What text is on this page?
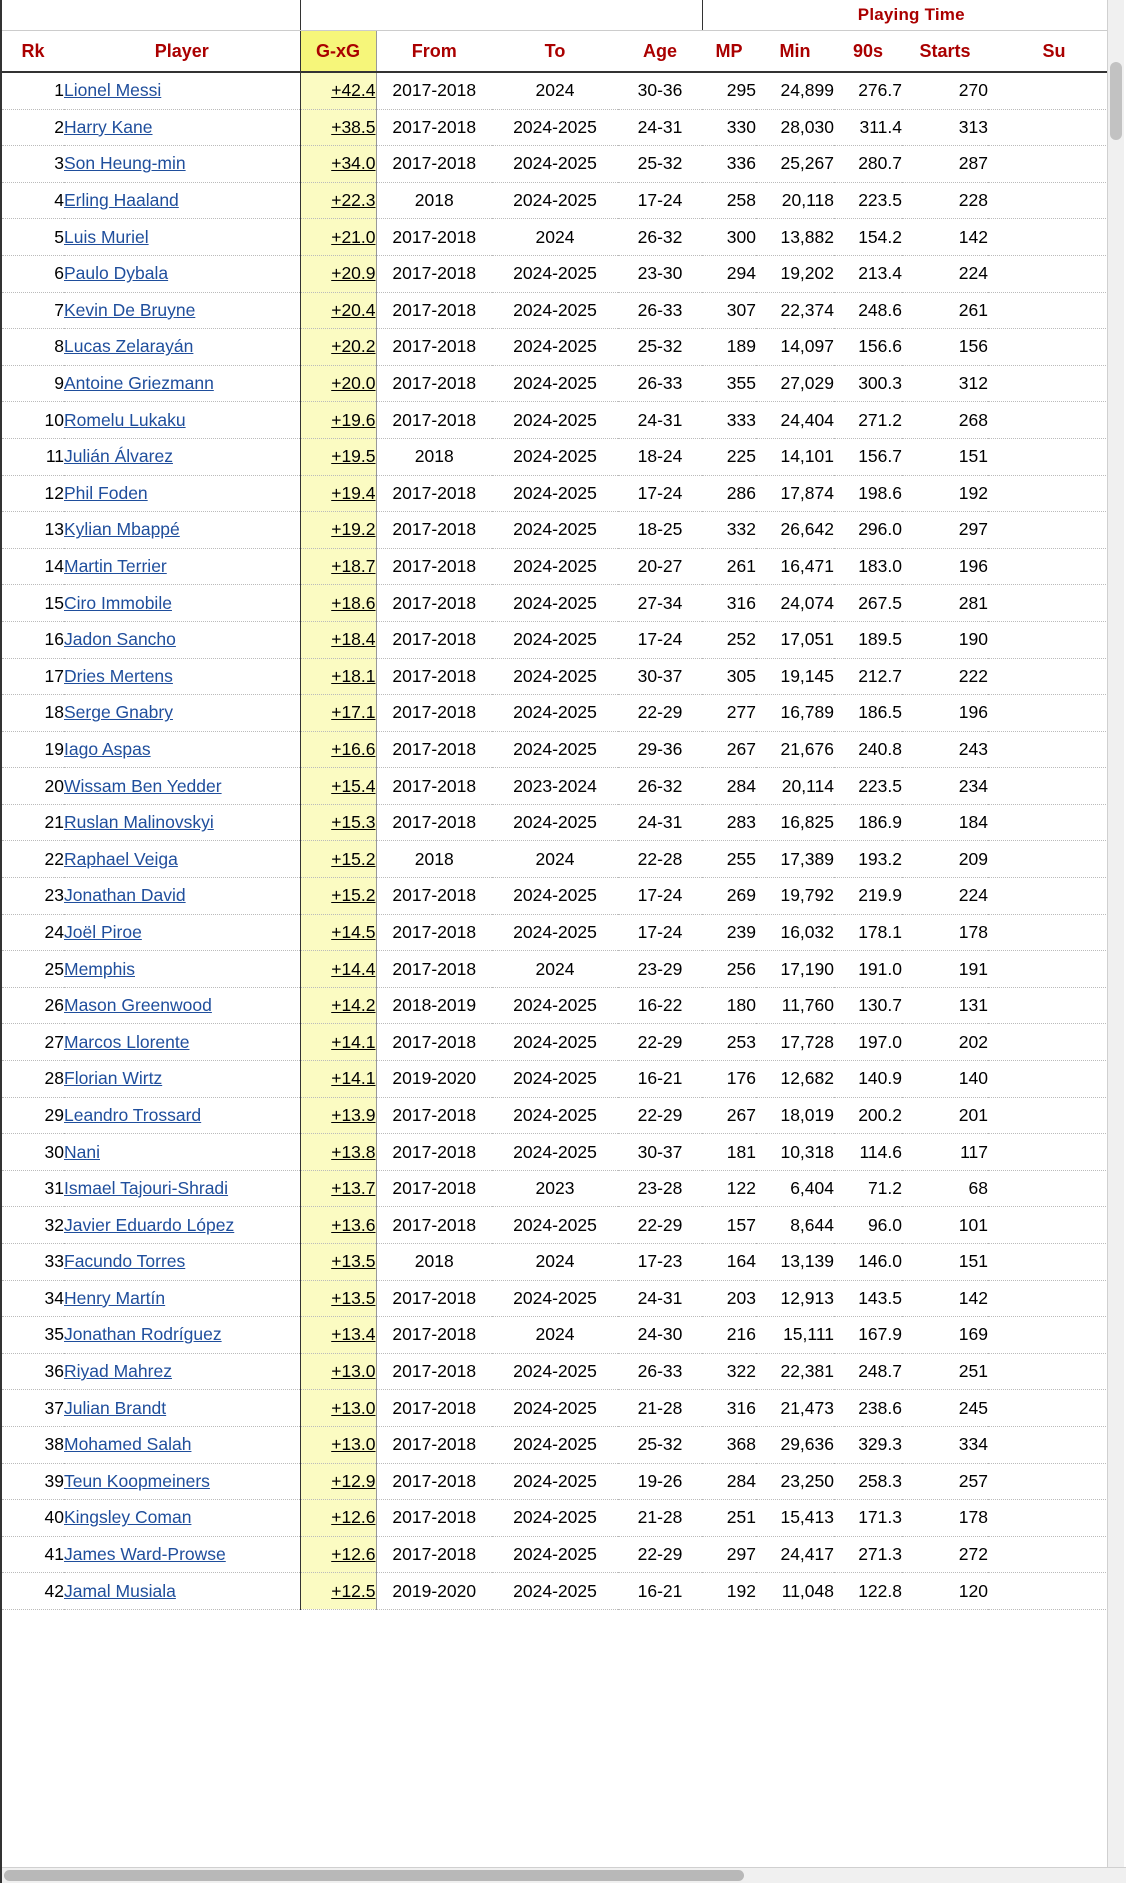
						Playing Time				
Rk	Player	G-xG	From	To	Age	MP	Min	90s	Starts	Su
1	Lionel Messi	+42.4	2017-2018	2024	30-36	295	24,899	276.7	270	
2	Harry Kane	+38.5	2017-2018	2024-2025	24-31	330	28,030	311.4	313	
3	Son Heung-min	+34.0	2017-2018	2024-2025	25-32	336	25,267	280.7	287	
4	Erling Haaland	+22.3	2018	2024-2025	17-24	258	20,118	223.5	228	
5	Luis Muriel	+21.0	2017-2018	2024	26-32	300	13,882	154.2	142	
6	Paulo Dybala	+20.9	2017-2018	2024-2025	23-30	294	19,202	213.4	224	
7	Kevin De Bruyne	+20.4	2017-2018	2024-2025	26-33	307	22,374	248.6	261	
8	Lucas Zelarayán	+20.2	2017-2018	2024-2025	25-32	189	14,097	156.6	156	
9	Antoine Griezmann	+20.0	2017-2018	2024-2025	26-33	355	27,029	300.3	312	
10	Romelu Lukaku	+19.6	2017-2018	2024-2025	24-31	333	24,404	271.2	268	
11	Julián Álvarez	+19.5	2018	2024-2025	18-24	225	14,101	156.7	151	
12	Phil Foden	+19.4	2017-2018	2024-2025	17-24	286	17,874	198.6	192	
13	Kylian Mbappé	+19.2	2017-2018	2024-2025	18-25	332	26,642	296.0	297	
14	Martin Terrier	+18.7	2017-2018	2024-2025	20-27	261	16,471	183.0	196	
15	Ciro Immobile	+18.6	2017-2018	2024-2025	27-34	316	24,074	267.5	281	
16	Jadon Sancho	+18.4	2017-2018	2024-2025	17-24	252	17,051	189.5	190	
17	Dries Mertens	+18.1	2017-2018	2024-2025	30-37	305	19,145	212.7	222	
18	Serge Gnabry	+17.1	2017-2018	2024-2025	22-29	277	16,789	186.5	196	
19	Iago Aspas	+16.6	2017-2018	2024-2025	29-36	267	21,676	240.8	243	
20	Wissam Ben Yedder	+15.4	2017-2018	2023-2024	26-32	284	20,114	223.5	234	
21	Ruslan Malinovskyi	+15.3	2017-2018	2024-2025	24-31	283	16,825	186.9	184	
22	Raphael Veiga	+15.2	2018	2024	22-28	255	17,389	193.2	209	
23	Jonathan David	+15.2	2017-2018	2024-2025	17-24	269	19,792	219.9	224	
24	Joël Piroe	+14.5	2017-2018	2024-2025	17-24	239	16,032	178.1	178	
25	Memphis	+14.4	2017-2018	2024	23-29	256	17,190	191.0	191	
26	Mason Greenwood	+14.2	2018-2019	2024-2025	16-22	180	11,760	130.7	131	
27	Marcos Llorente	+14.1	2017-2018	2024-2025	22-29	253	17,728	197.0	202	
28	Florian Wirtz	+14.1	2019-2020	2024-2025	16-21	176	12,682	140.9	140	
29	Leandro Trossard	+13.9	2017-2018	2024-2025	22-29	267	18,019	200.2	201	
30	Nani	+13.8	2017-2018	2024-2025	30-37	181	10,318	114.6	117	
31	Ismael Tajouri-Shradi	+13.7	2017-2018	2023	23-28	122	6,404	71.2	68	
32	Javier Eduardo López	+13.6	2017-2018	2024-2025	22-29	157	8,644	96.0	101	
33	Facundo Torres	+13.5	2018	2024	17-23	164	13,139	146.0	151	
34	Henry Martín	+13.5	2017-2018	2024-2025	24-31	203	12,913	143.5	142	
35	Jonathan Rodríguez	+13.4	2017-2018	2024	24-30	216	15,111	167.9	169	
36	Riyad Mahrez	+13.0	2017-2018	2024-2025	26-33	322	22,381	248.7	251	
37	Julian Brandt	+13.0	2017-2018	2024-2025	21-28	316	21,473	238.6	245	
38	Mohamed Salah	+13.0	2017-2018	2024-2025	25-32	368	29,636	329.3	334	
39	Teun Koopmeiners	+12.9	2017-2018	2024-2025	19-26	284	23,250	258.3	257	
40	Kingsley Coman	+12.6	2017-2018	2024-2025	21-28	251	15,413	171.3	178	
41	James Ward-Prowse	+12.6	2017-2018	2024-2025	22-29	297	24,417	271.3	272	
42	Jamal Musiala	+12.5	2019-2020	2024-2025	16-21	192	11,048	122.8	120	
